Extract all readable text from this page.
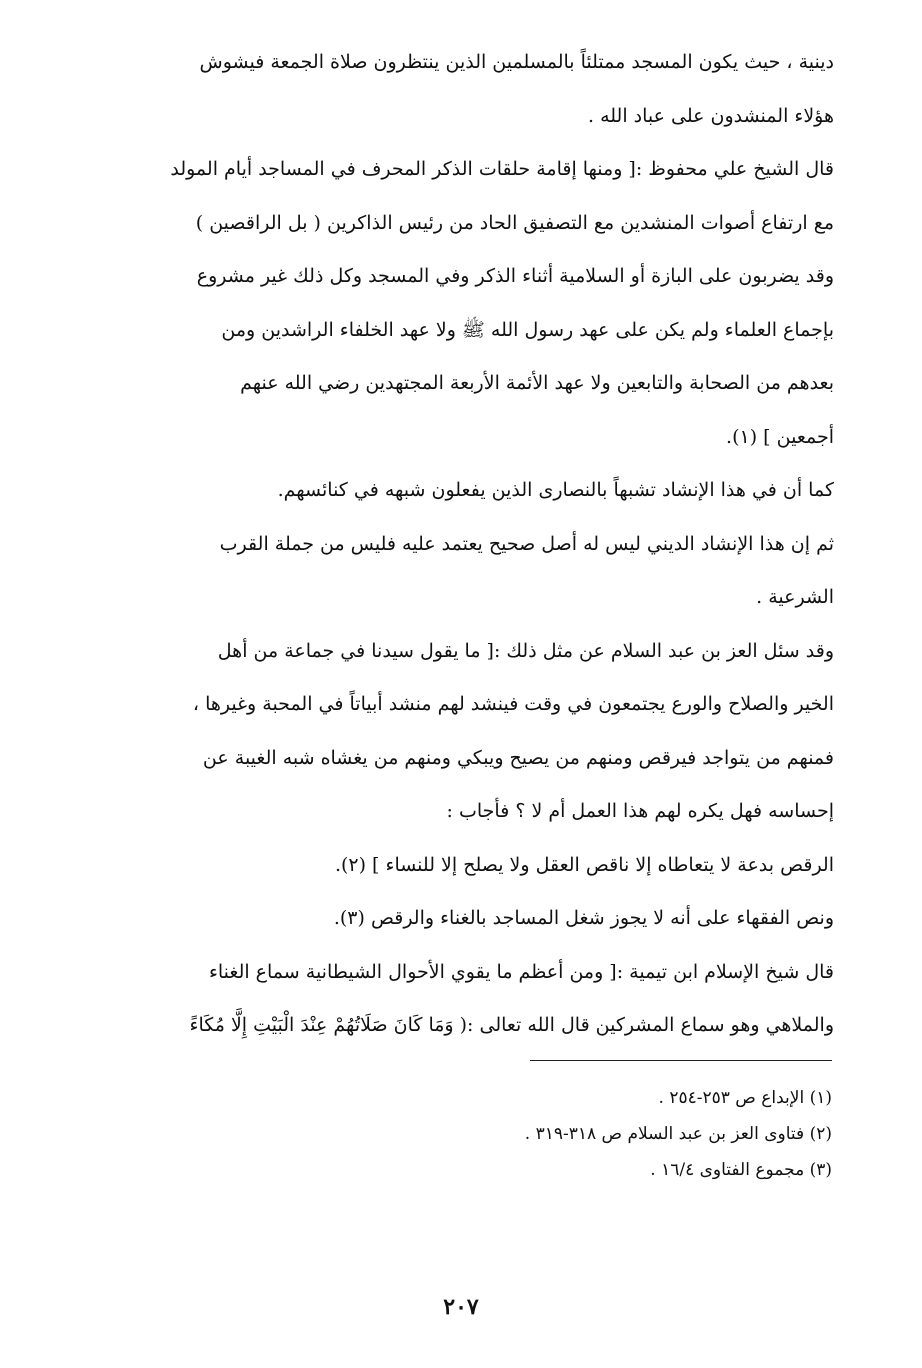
دينية ، حيث يكون المسجد ممتلئاً بالمسلمين الذين ينتظرون صلاة الجمعة فيشوش
هؤلاء المنشدون على عباد الله .
قال الشيخ علي محفوظ :[ ومنها إقامة حلقات الذكر المحرف في المساجد أيام المولد
مع ارتفاع أصوات المنشدين مع التصفيق الحاد من رئيس الذاكرين ( بل الراقصين )
وقد يضربون على البازة أو السلامية أثناء الذكر وفي المسجد وكل ذلك غير مشروع
بإجماع العلماء ولم يكن على عهد رسول الله ﷺ ولا عهد الخلفاء الراشدين ومن
بعدهم من الصحابة والتابعين ولا عهد الأئمة الأربعة المجتهدين رضي الله عنهم
أجمعين ] (١).
كما أن في هذا الإنشاد تشبهاً بالنصارى الذين يفعلون شبهه في كنائسهم.
ثم إن هذا الإنشاد الديني ليس له أصل صحيح يعتمد عليه فليس من جملة القرب
الشرعية .
وقد سئل العز بن عبد السلام عن مثل ذلك :[ ما يقول سيدنا في جماعة من أهل
الخير والصلاح والورع يجتمعون في وقت فينشد لهم منشد أبياتاً في المحبة وغيرها ،
فمنهم من يتواجد فيرقص ومنهم من يصيح ويبكي ومنهم من يغشاه شبه الغيبة عن
إحساسه فهل يكره لهم هذا العمل أم لا ؟ فأجاب :
الرقص بدعة لا يتعاطاه إلا ناقص العقل ولا يصلح إلا للنساء ] (٢).
ونص الفقهاء على أنه لا يجوز شغل المساجد بالغناء والرقص (٣).
قال شيخ الإسلام ابن تيمية :[ ومن أعظم ما يقوي الأحوال الشيطانية سماع الغناء
والملاهي وهو سماع المشركين قال الله تعالى :( وَمَا كَانَ صَلَاتُهُمْ عِنْدَ الْبَيْتِ إِلَّا مُكَاءً
(١) الإبداع ص ٢٥٣-٢٥٤ .
(٢) فتاوى العز بن عبد السلام ص ٣١٨-٣١٩ .
(٣) مجموع الفتاوى ١٦/٤ .
٢٠٧
